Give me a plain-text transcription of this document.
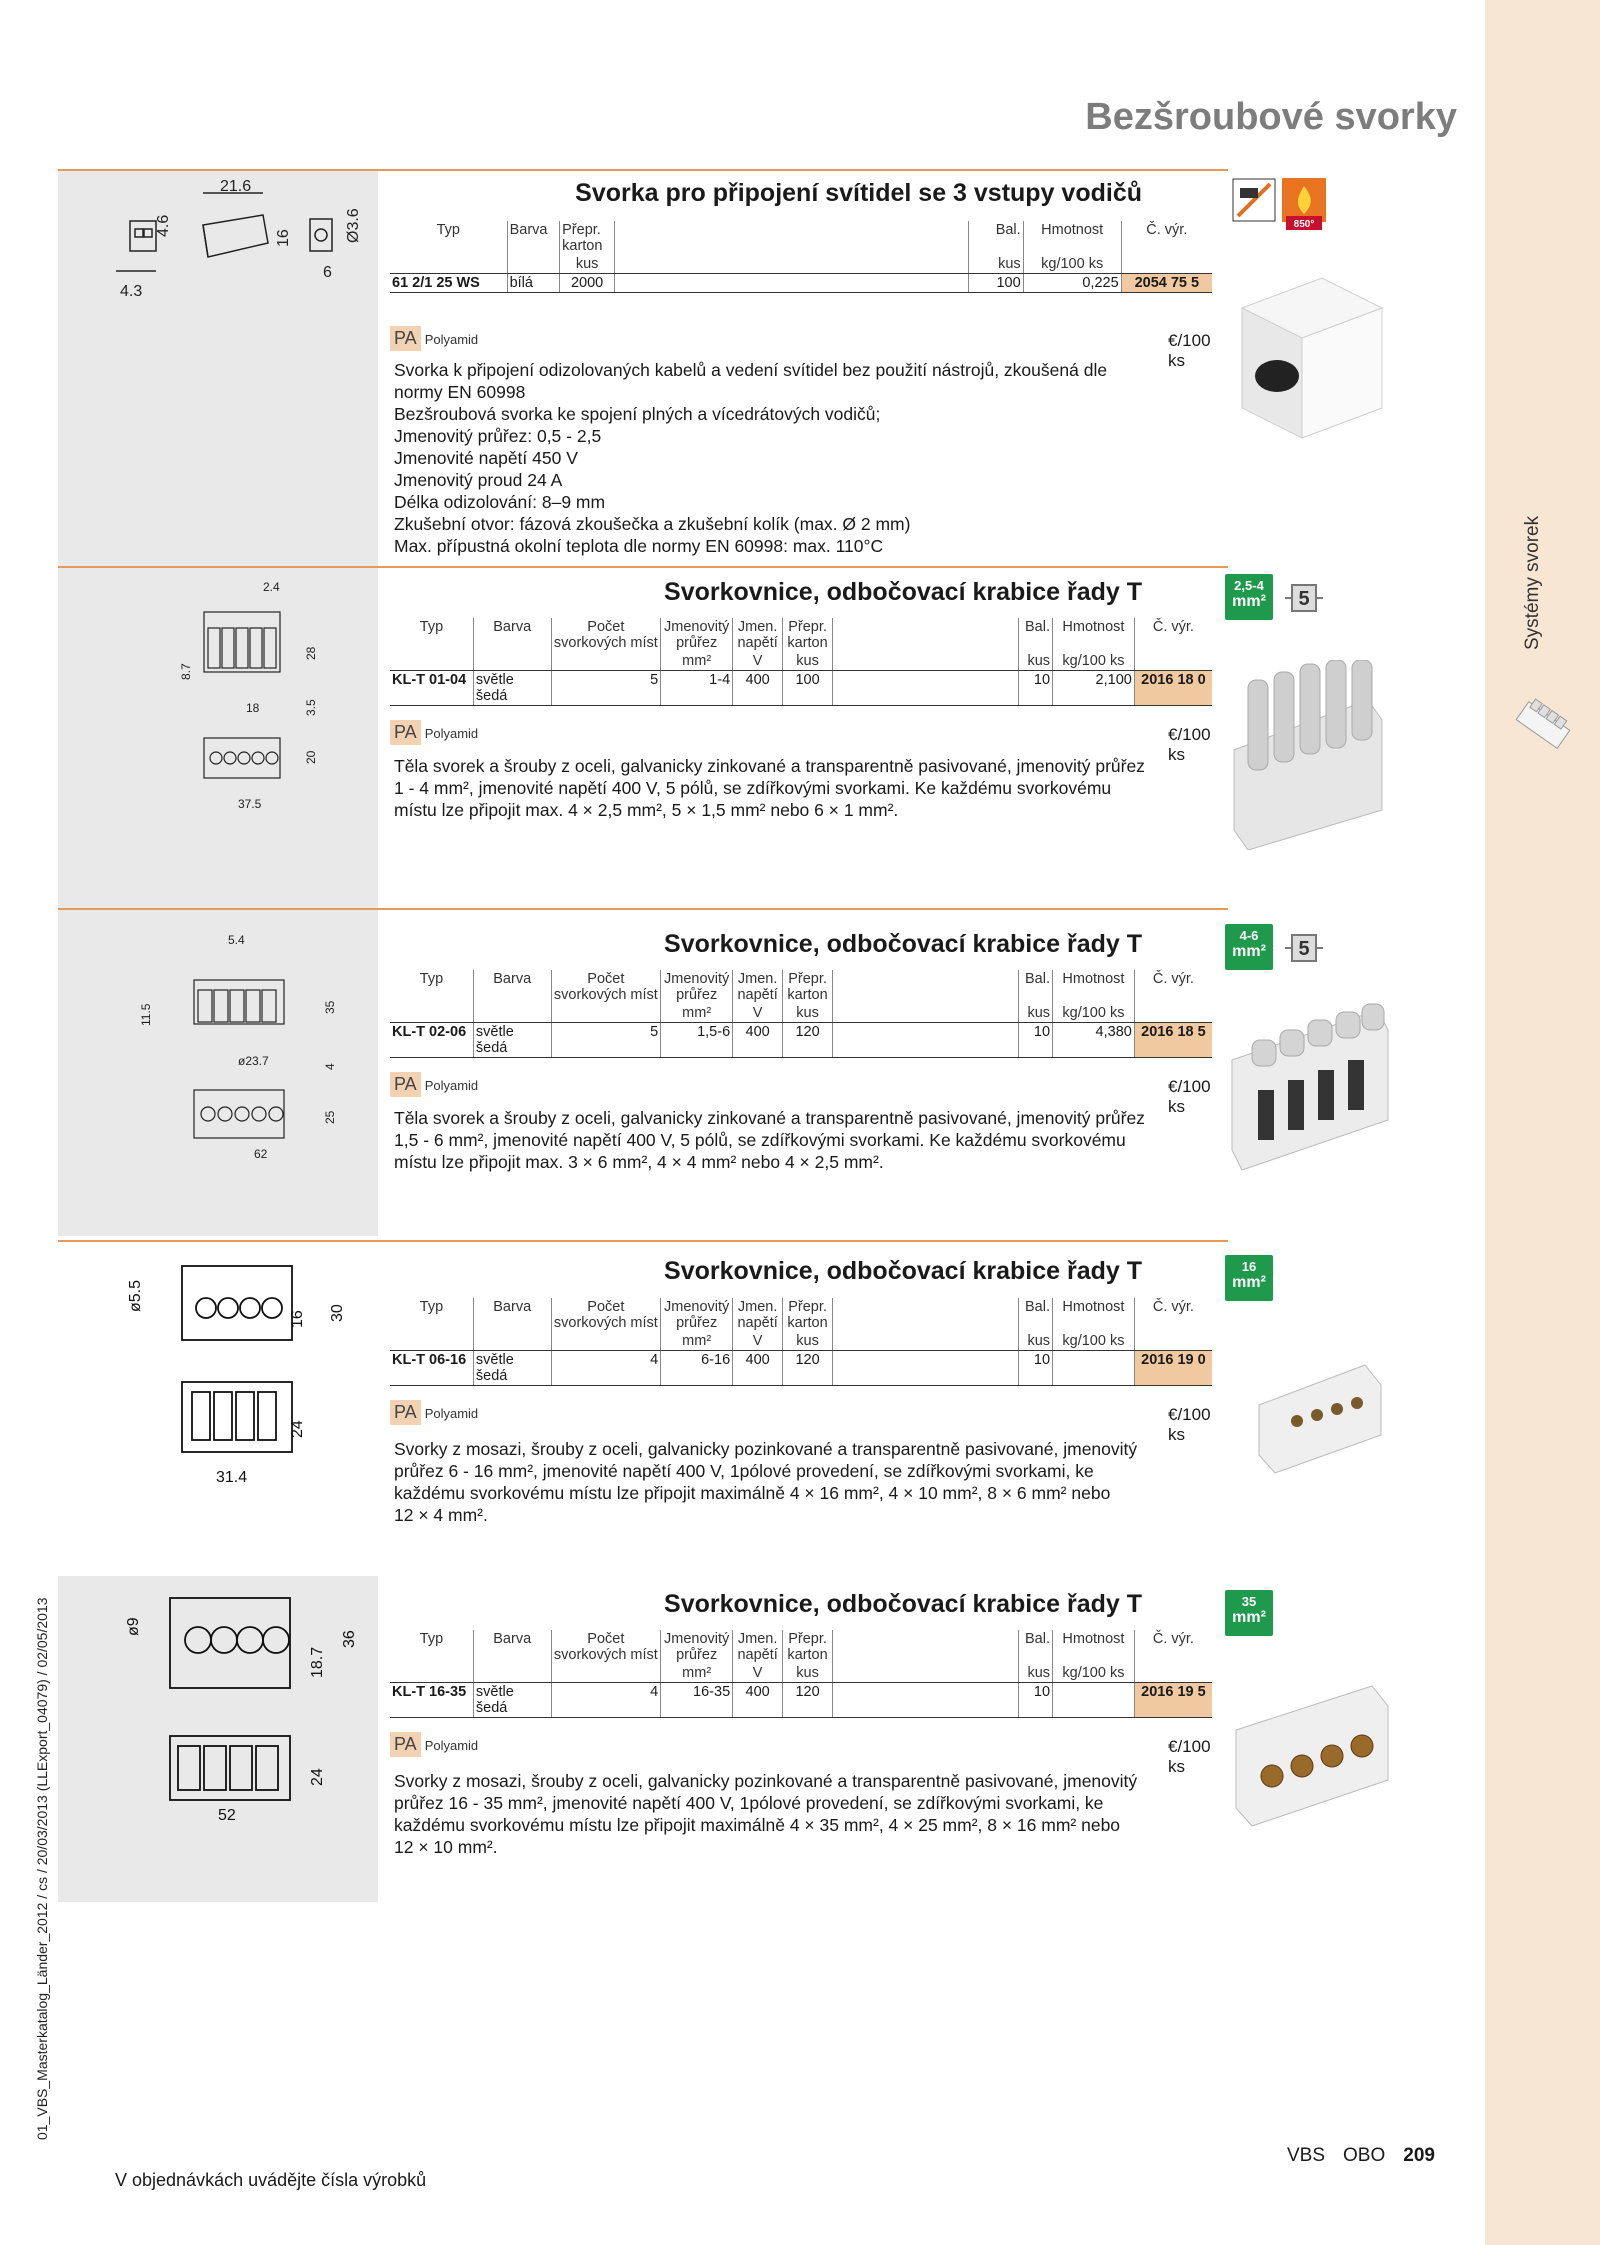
Systémy svorek
01_VBS_Masterkatalog_Länder_2012 / cs / 20/03/2013 (LLExport_04079) / 02/05/2013
Bezšroubové svorky
21.6
4.6
16	Ø3.6
6
4.3
Svorka pro připojení svítidel se 3 vstupy vodičů
Typ	Barva	Přepr. karton		Bal.	Hmotnost	Č. výr.
		kus		kus	kg/100 ks	
61 2/1 25 WS	bílá	2000		100	0,225	2054 75 5
PA Polyamid	€/100 ks
Svorka k připojení odizolovaných kabelů a vedení svítidel bez použití nástrojů, zkoušená dle
normy EN 60998
Bezšroubová svorka ke spojení plných a vícedrátových vodičů;
Jmenovitý průřez: 0,5 - 2,5
Jmenovité napětí 450 V
Jmenovitý proud 24 A
Délka odizolování: 8–9 mm
Zkušební otvor: fázová zkoušečka a zkušební kolík (max. Ø 2 mm)
Max. přípustná okolní teplota dle normy EN 60998: max. 110°C
850°
2.4
8.7
28
18	3.5
20
37.5
Svorkovnice, odbočovací krabice řady T
Typ	Barva	Počet svorkových míst	Jmenovitý průřez	Jmen. napětí	Přepr. karton		Bal.	Hmotnost	Č. výr.
			mm²	V	kus		kus	kg/100 ks	
KL-T 01-04	světle šedá	5	1-4	400	100		10	2,100	2016 18 0
PA Polyamid	€/100 ks
Těla svorek a šrouby z oceli, galvanicky zinkované a transparentně pasivované, jmenovitý průřez
1 - 4 mm², jmenovité napětí 400 V, 5 pólů, se zdířkovými svorkami. Ke každému svorkovému
místu lze připojit max. 4 × 2,5 mm², 5 × 1,5 mm² nebo 6 × 1 mm².
2,5-4
mm²	5
5.4
11.5	35
ø23.7	4
25
62
Svorkovnice, odbočovací krabice řady T
Typ	Barva	Počet svorkových míst	Jmenovitý průřez	Jmen. napětí	Přepr. karton		Bal.	Hmotnost	Č. výr.
			mm²	V	kus		kus	kg/100 ks	
KL-T 02-06	světle šedá	5	1,5-6	400	120		10	4,380	2016 18 5
PA Polyamid	€/100 ks
Těla svorek a šrouby z oceli, galvanicky zinkované a transparentně pasivované, jmenovitý průřez
1,5 - 6 mm², jmenovité napětí 400 V, 5 pólů, se zdířkovými svorkami. Ke každému svorkovému
místu lze připojit max. 3 × 6 mm², 4 × 4 mm² nebo 4 × 2,5 mm².
4-6
mm²	5
ø5.5
16 30
24
31.4
Svorkovnice, odbočovací krabice řady T
Typ	Barva	Počet svorkových míst	Jmenovitý průřez	Jmen. napětí	Přepr. karton		Bal.	Hmotnost	Č. výr.
			mm²	V	kus		kus	kg/100 ks	
KL-T 06-16	světle šedá	4	6-16	400	120		10		2016 19 0
PA Polyamid	€/100 ks
Svorky z mosazi, šrouby z oceli, galvanicky pozinkované a transparentně pasivované, jmenovitý
průřez 6 - 16 mm², jmenovité napětí 400 V, 1pólové provedení, se zdířkovými svorkami, ke
každému svorkovému místu lze připojit maximálně 4 × 16 mm², 4 × 10 mm², 8 × 6 mm² nebo
12 × 4 mm².
16
mm²
ø9
18.7
36
24
52
Svorkovnice, odbočovací krabice řady T
Typ	Barva	Počet svorkových míst	Jmenovitý průřez	Jmen. napětí	Přepr. karton		Bal.	Hmotnost	Č. výr.
			mm²	V	kus		kus	kg/100 ks	
KL-T 16-35	světle šedá	4	16-35	400	120		10		2016 19 5
PA Polyamid	€/100 ks
Svorky z mosazi, šrouby z oceli, galvanicky pozinkované a transparentně pasivované, jmenovitý
průřez 16 - 35 mm², jmenovité napětí 400 V, 1pólové provedení, se zdířkovými svorkami, ke
každému svorkovému místu lze připojit maximálně 4 × 35 mm², 4 × 25 mm², 8 × 16 mm² nebo
12 × 10 mm².
35
mm²
V objednávkách uvádějte čísla výrobků
VBS OBO 209
